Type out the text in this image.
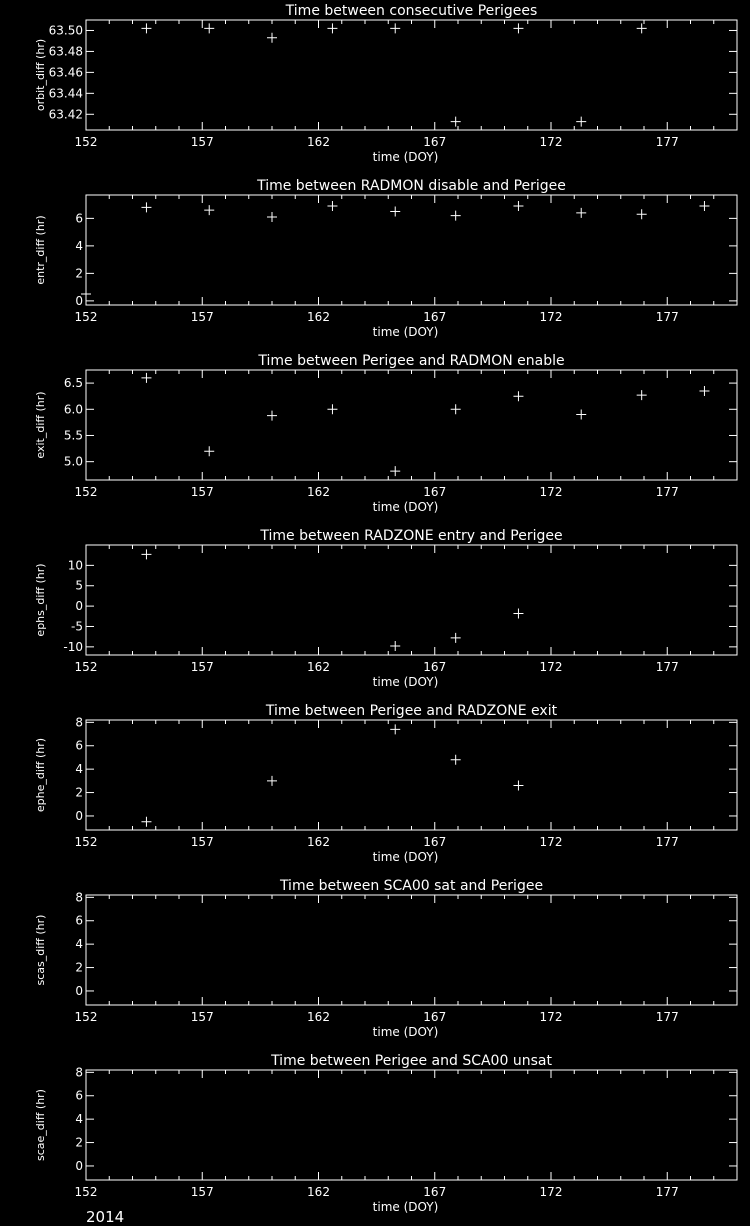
Time between consecutive Perigees
152	157	162	167	172	177
63.42
63.44
63.46
63.48
63.50
time (DOY)
orbit_diff (hr)
Time between RADMON disable and Perigee
152	157	162	167	172	177
0
2
4
6
time (DOY)
entr_diff (hr)
Time between Perigee and RADMON enable
152	157	162	167	172	177
5.0
5.5
6.0
6.5
time (DOY)
exit_diff (hr)
Time between RADZONE entry and Perigee
152	157	162	167	172	177
-10
-5
0
5
10
time (DOY)
ephs_diff (hr)
Time between Perigee and RADZONE exit
152	157	162	167	172	177
0
2
4
6
8
time (DOY)
ephe_diff (hr)
Time between SCA00 sat and Perigee
152	157	162	167	172	177
0
2
4
6
8
time (DOY)
scas_diff (hr)
Time between Perigee and SCA00 unsat
152	157	162	167	172	177
0
2
4
6
8
time (DOY)
scae_diff (hr)
2014
